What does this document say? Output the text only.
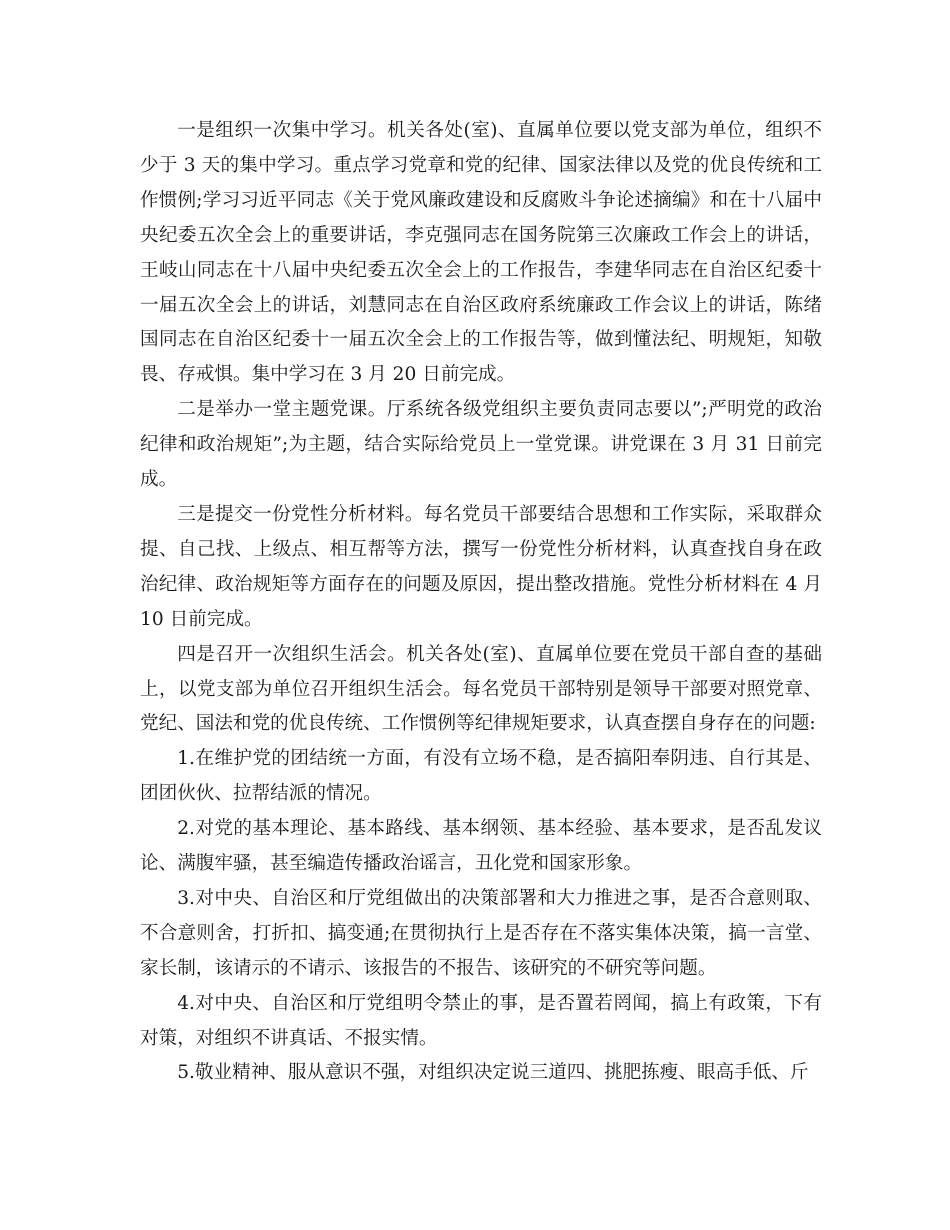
一是组织一次集中学习。机关各处(室)、直属单位要以党支部为单位，组织不少于 3 天的集中学习。重点学习党章和党的纪律、国家法律以及党的优良传统和工作惯例;学习习近平同志《关于党风廉政建设和反腐败斗争论述摘编》和在十八届中央纪委五次全会上的重要讲话，李克强同志在国务院第三次廉政工作会上的讲话，王岐山同志在十八届中央纪委五次全会上的工作报告，李建华同志在自治区纪委十一届五次全会上的讲话，刘慧同志在自治区政府系统廉政工作会议上的讲话，陈绪国同志在自治区纪委十一届五次全会上的工作报告等，做到懂法纪、明规矩，知敬畏、存戒惧。集中学习在 3 月 20 日前完成。

二是举办一堂主题党课。厅系统各级党组织主要负责同志要以”;严明党的政治纪律和政治规矩”;为主题，结合实际给党员上一堂党课。讲党课在 3 月 31 日前完成。

三是提交一份党性分析材料。每名党员干部要结合思想和工作实际，采取群众提、自己找、上级点、相互帮等方法，撰写一份党性分析材料，认真查找自身在政治纪律、政治规矩等方面存在的问题及原因，提出整改措施。党性分析材料在 4 月 10 日前完成。

四是召开一次组织生活会。机关各处(室)、直属单位要在党员干部自查的基础上，以党支部为单位召开组织生活会。每名党员干部特别是领导干部要对照党章、党纪、国法和党的优良传统、工作惯例等纪律规矩要求，认真查摆自身存在的问题:

1.在维护党的团结统一方面，有没有立场不稳，是否搞阳奉阴违、自行其是、团团伙伙、拉帮结派的情况。

2.对党的基本理论、基本路线、基本纲领、基本经验、基本要求，是否乱发议论、满腹牢骚，甚至编造传播政治谣言，丑化党和国家形象。

3.对中央、自治区和厅党组做出的决策部署和大力推进之事，是否合意则取、不合意则舍，打折扣、搞变通;在贯彻执行上是否存在不落实集体决策，搞一言堂、家长制，该请示的不请示、该报告的不报告、该研究的不研究等问题。

4.对中央、自治区和厅党组明令禁止的事，是否置若罔闻，搞上有政策，下有对策，对组织不讲真话、不报实情。

5.敬业精神、服从意识不强，对组织决定说三道四、挑肥拣瘦、眼高手低、斤
